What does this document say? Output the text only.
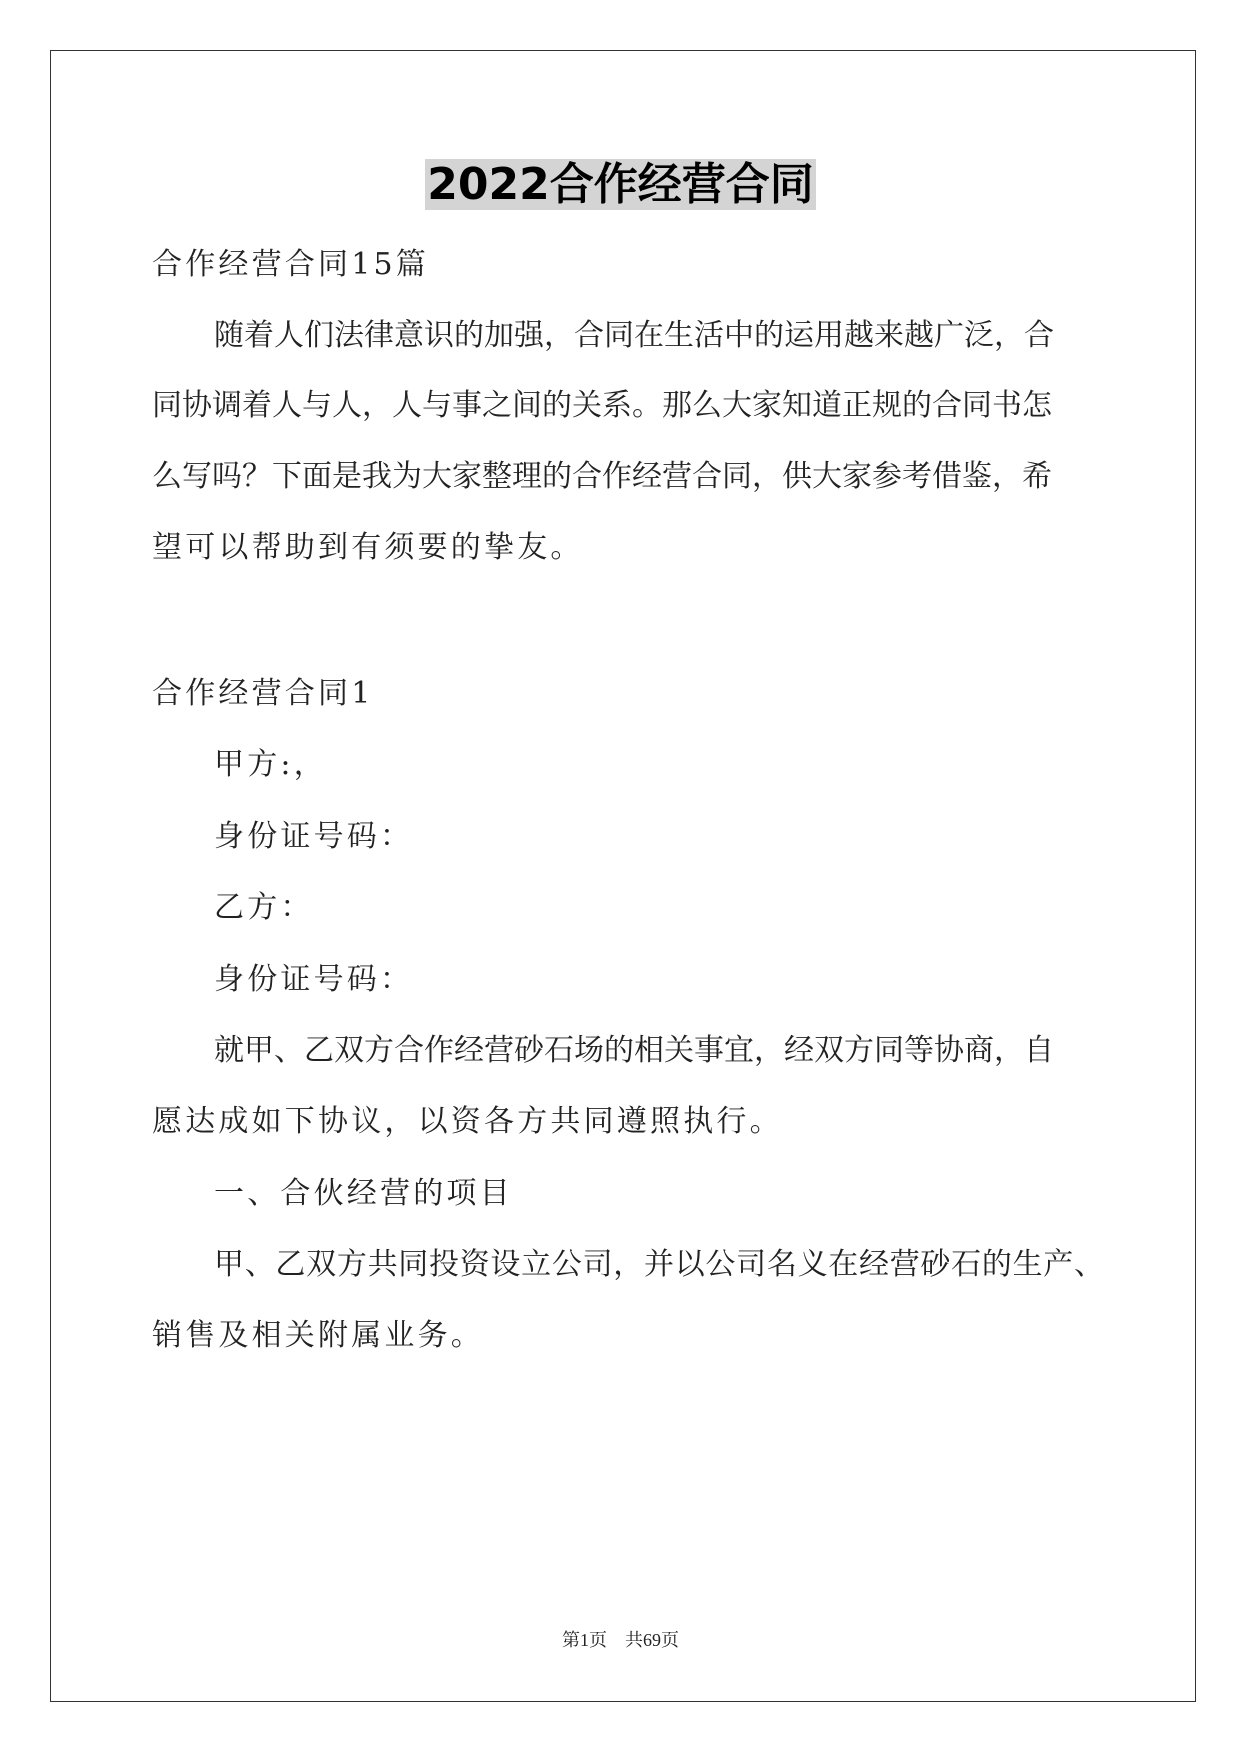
2022合作经营合同
合作经营合同15篇
随着人们法律意识的加强，合同在生活中的运用越来越广泛，合
同协调着人与人，人与事之间的关系。那么大家知道正规的合同书怎
么写吗？下面是我为大家整理的合作经营合同，供大家参考借鉴，希
望可以帮助到有须要的挚友。
合作经营合同1
甲方:，
身份证号码：
乙方：
身份证号码：
就甲、乙双方合作经营砂石场的相关事宜，经双方同等协商，自
愿达成如下协议，以资各方共同遵照执行。
一、合伙经营的项目
甲、乙双方共同投资设立公司，并以公司名义在经营砂石的生产、
销售及相关附属业务。
第1页 共69页
